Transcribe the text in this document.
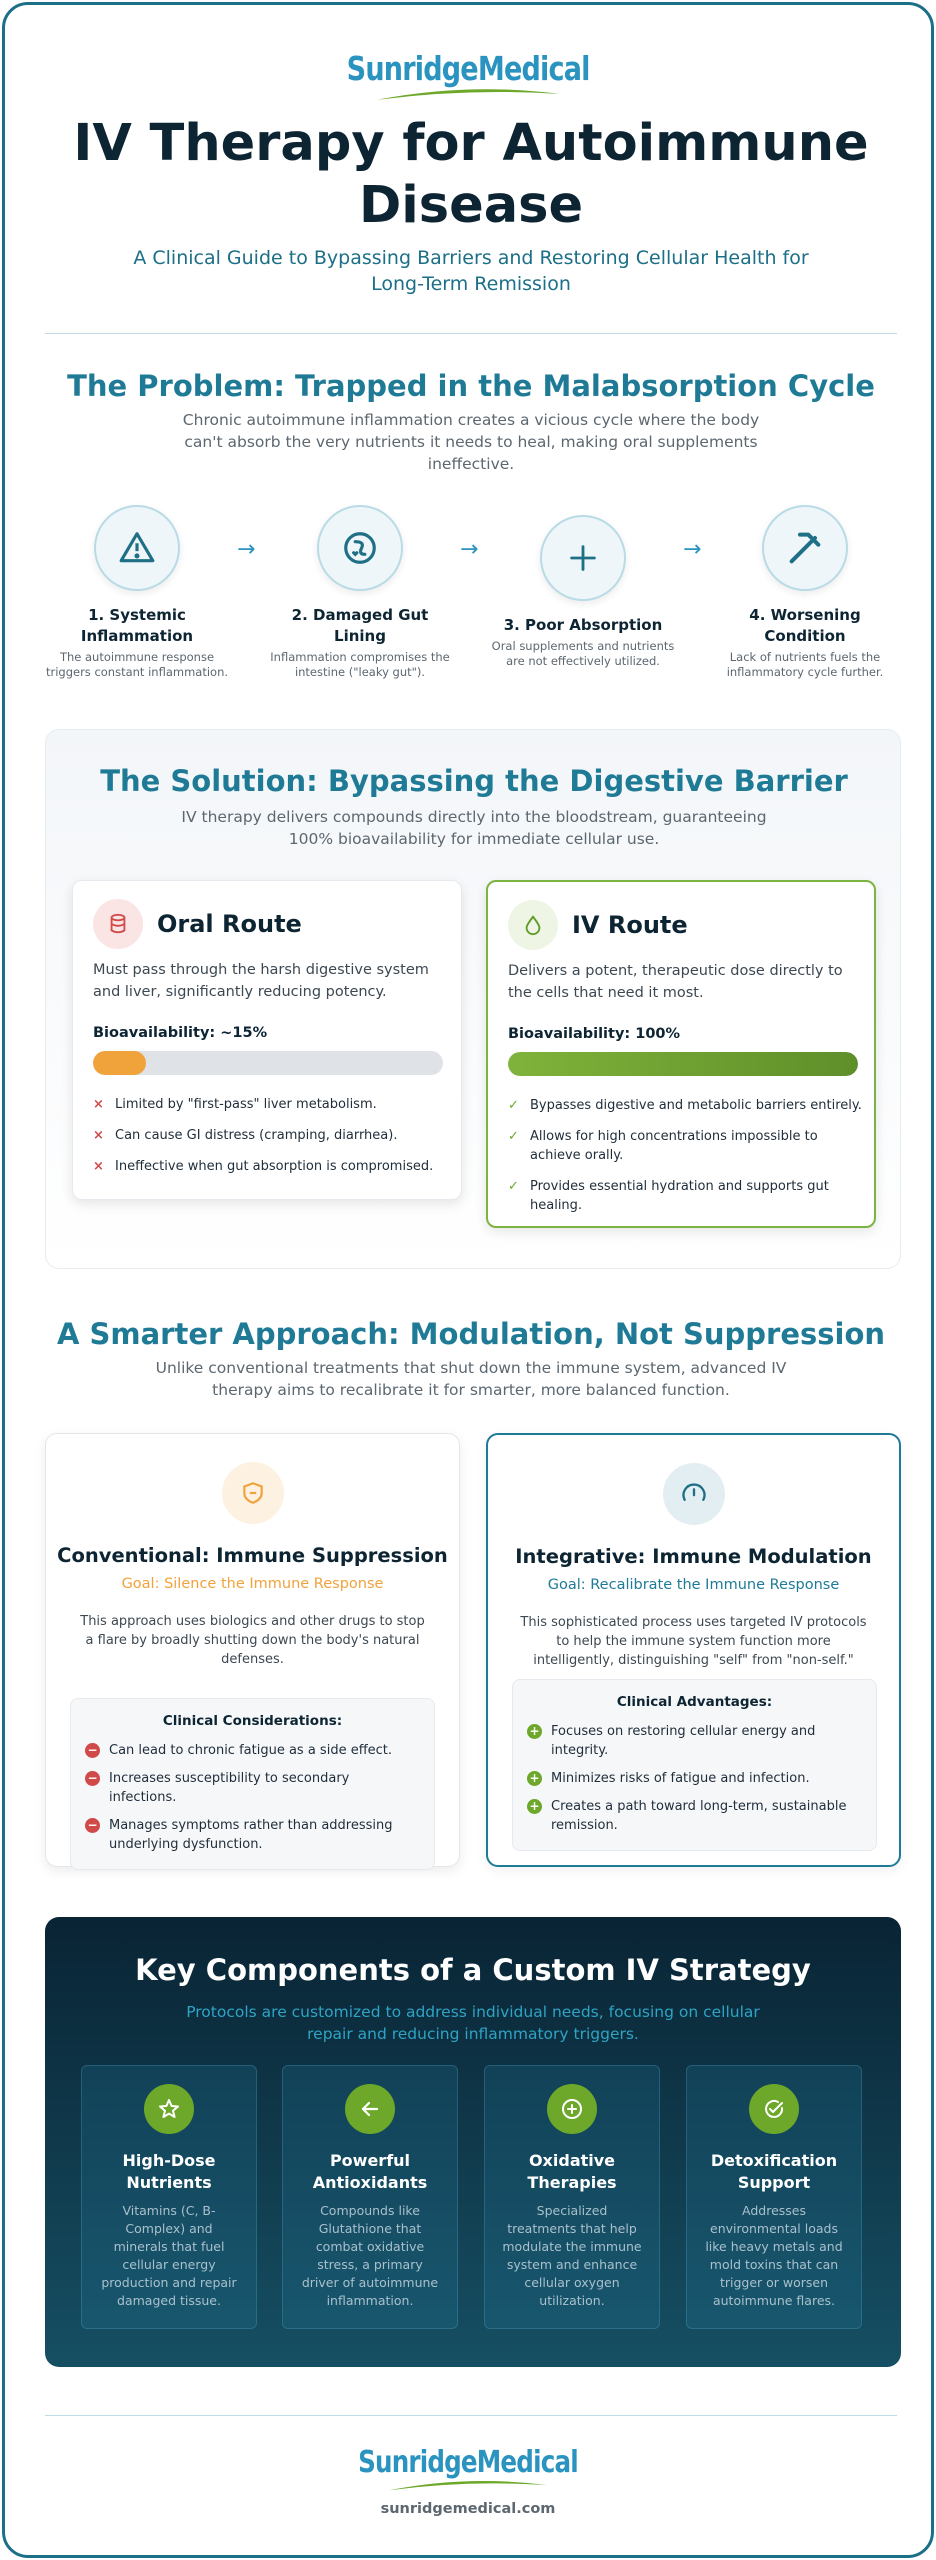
SunridgeMedical
IV Therapy for Autoimmune Disease

A Clinical Guide to Bypassing Barriers and Restoring Cellular Health for Long-Term Remission

The Problem: Trapped in the Malabsorption Cycle

Chronic autoimmune inflammation creates a vicious cycle where the body can't absorb the very nutrients it needs to heal, making oral supplements ineffective.

1. Systemic Inflammation
The autoimmune response triggers constant inflammation.
→
2. Damaged Gut Lining
Inflammation compromises the intestine ("leaky gut").
→
3. Poor Absorption
Oral supplements and nutrients are not effectively utilized.
→
4. Worsening Condition
Lack of nutrients fuels the inflammatory cycle further.
The Solution: Bypassing the Digestive Barrier

IV therapy delivers compounds directly into the bloodstream, guaranteeing 100% bioavailability for immediate cellular use.

Oral Route

Must pass through the harsh digestive system and liver, significantly reducing potency.

Bioavailability: ~15%
× Limited by "first-pass" liver metabolism.
× Can cause GI distress (cramping, diarrhea).
× Ineffective when gut absorption is compromised.
IV Route

Delivers a potent, therapeutic dose directly to the cells that need it most.

Bioavailability: 100%
✓ Bypasses digestive and metabolic barriers entirely.
✓ Allows for high concentrations impossible to achieve orally.
✓ Provides essential hydration and supports gut healing.
A Smarter Approach: Modulation, Not Suppression

Unlike conventional treatments that shut down the immune system, advanced IV therapy aims to recalibrate it for smarter, more balanced function.

Conventional: Immune Suppression
Goal: Silence the Immune Response

This approach uses biologics and other drugs to stop a flare by broadly shutting down the body's natural defenses.

Clinical Considerations:
− Can lead to chronic fatigue as a side effect.
− Increases susceptibility to secondary infections.
− Manages symptoms rather than addressing underlying dysfunction.
Integrative: Immune Modulation
Goal: Recalibrate the Immune Response

This sophisticated process uses targeted IV protocols to help the immune system function more intelligently, distinguishing "self" from "non-self."

Clinical Advantages:
+ Focuses on restoring cellular energy and integrity.
+ Minimizes risks of fatigue and infection.
+ Creates a path toward long-term, sustainable remission.
Key Components of a Custom IV Strategy

Protocols are customized to address individual needs, focusing on cellular repair and reducing inflammatory triggers.

High-Dose Nutrients

Vitamins (C, B-Complex) and minerals that fuel cellular energy production and repair damaged tissue.

Powerful Antioxidants

Compounds like Glutathione that combat oxidative stress, a primary driver of autoimmune inflammation.

Oxidative Therapies

Specialized treatments that help modulate the immune system and enhance cellular oxygen utilization.

Detoxification Support

Addresses environmental loads like heavy metals and mold toxins that can trigger or worsen autoimmune flares.

SunridgeMedical
sunridgemedical.com
